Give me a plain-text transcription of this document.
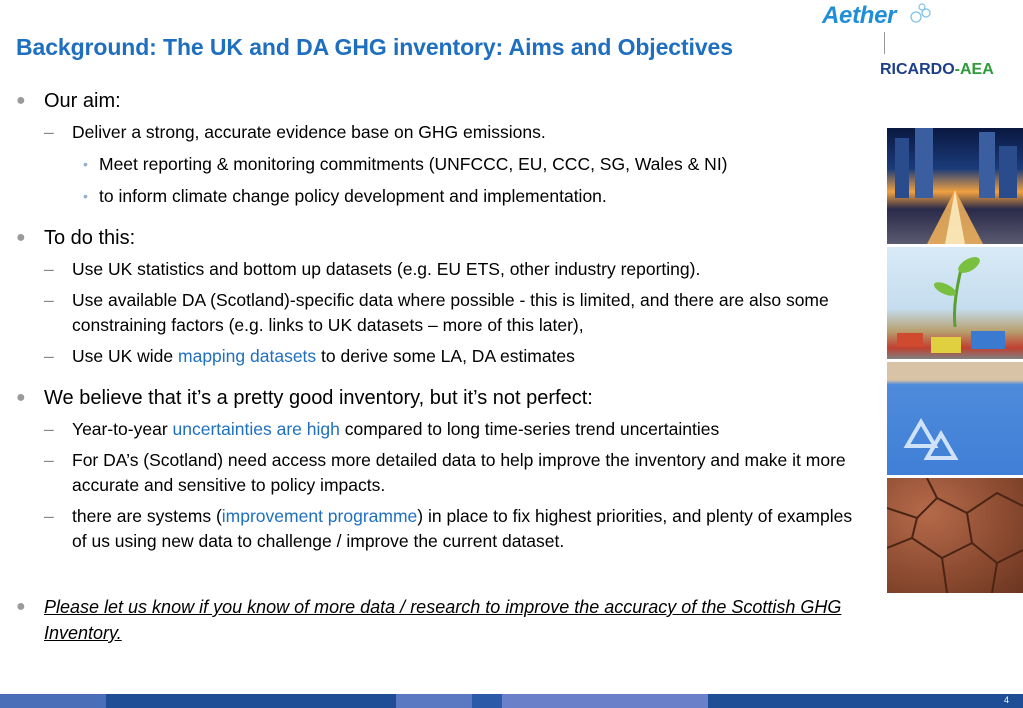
Background: The UK and DA GHG inventory: Aims and Objectives
Aether
RICARDO-AEA
● Our aim:
– Deliver a strong, accurate evidence base on GHG emissions.
• Meet reporting & monitoring commitments (UNFCCC, EU, CCC, SG, Wales & NI)
• to inform climate change policy development and implementation.
● To do this:
– Use UK statistics and bottom up datasets (e.g. EU ETS, other industry reporting).
– Use available DA (Scotland)-specific data where possible - this is limited, and there are also some constraining factors (e.g. links to UK datasets – more of this later),
– Use UK wide mapping datasets to derive some LA, DA estimates
● We believe that it’s a pretty good inventory, but it’s not perfect:
– Year-to-year uncertainties are high compared to long time-series trend uncertainties
– For DA’s (Scotland) need access more detailed data to help improve the inventory and make it more accurate and sensitive to policy impacts.
– there are systems (improvement programme) in place to fix highest priorities, and plenty of examples of us using new data to challenge / improve the current dataset.
● Please let us know if you know of more data / research to improve the accuracy of the Scottish GHG Inventory.
4
